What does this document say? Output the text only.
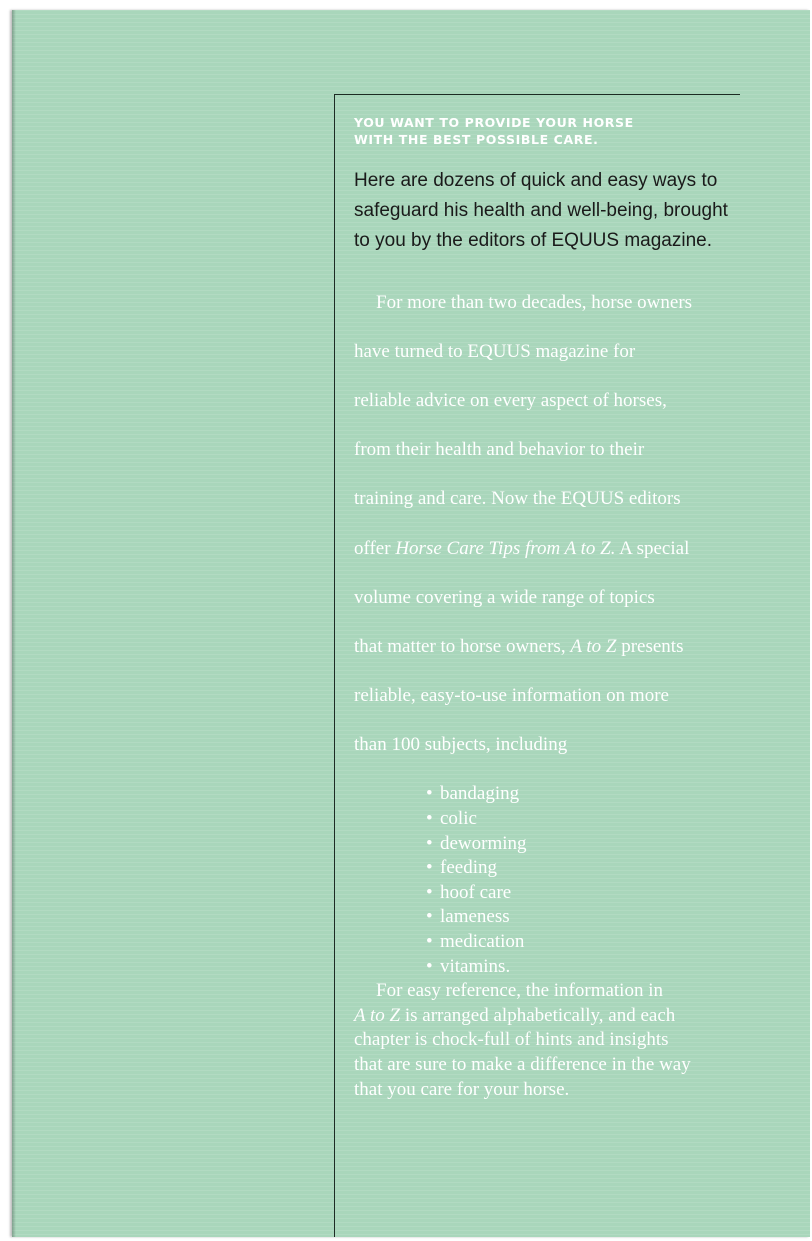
YOU WANT TO PROVIDE YOUR HORSE
WITH THE BEST POSSIBLE CARE.

Here are dozens of quick and easy ways to
safeguard his health and well-being, brought
to you by the editors of EQUUS magazine.

For more than two decades, horse owners

have turned to EQUUS magazine for

reliable advice on every aspect of horses,

from their health and behavior to their

training and care. Now the EQUUS editors

offer Horse Care Tips from A to Z. A special

volume covering a wide range of topics

that matter to horse owners, A to Z presents

reliable, easy-to-use information on more

than 100 subjects, including

• bandaging
• colic
• deworming
• feeding
• hoof care
• lameness
• medication
• vitamins.
For easy reference, the information in
A to Z is arranged alphabetically, and each
chapter is chock-full of hints and insights
that are sure to make a difference in the way
that you care for your horse.
